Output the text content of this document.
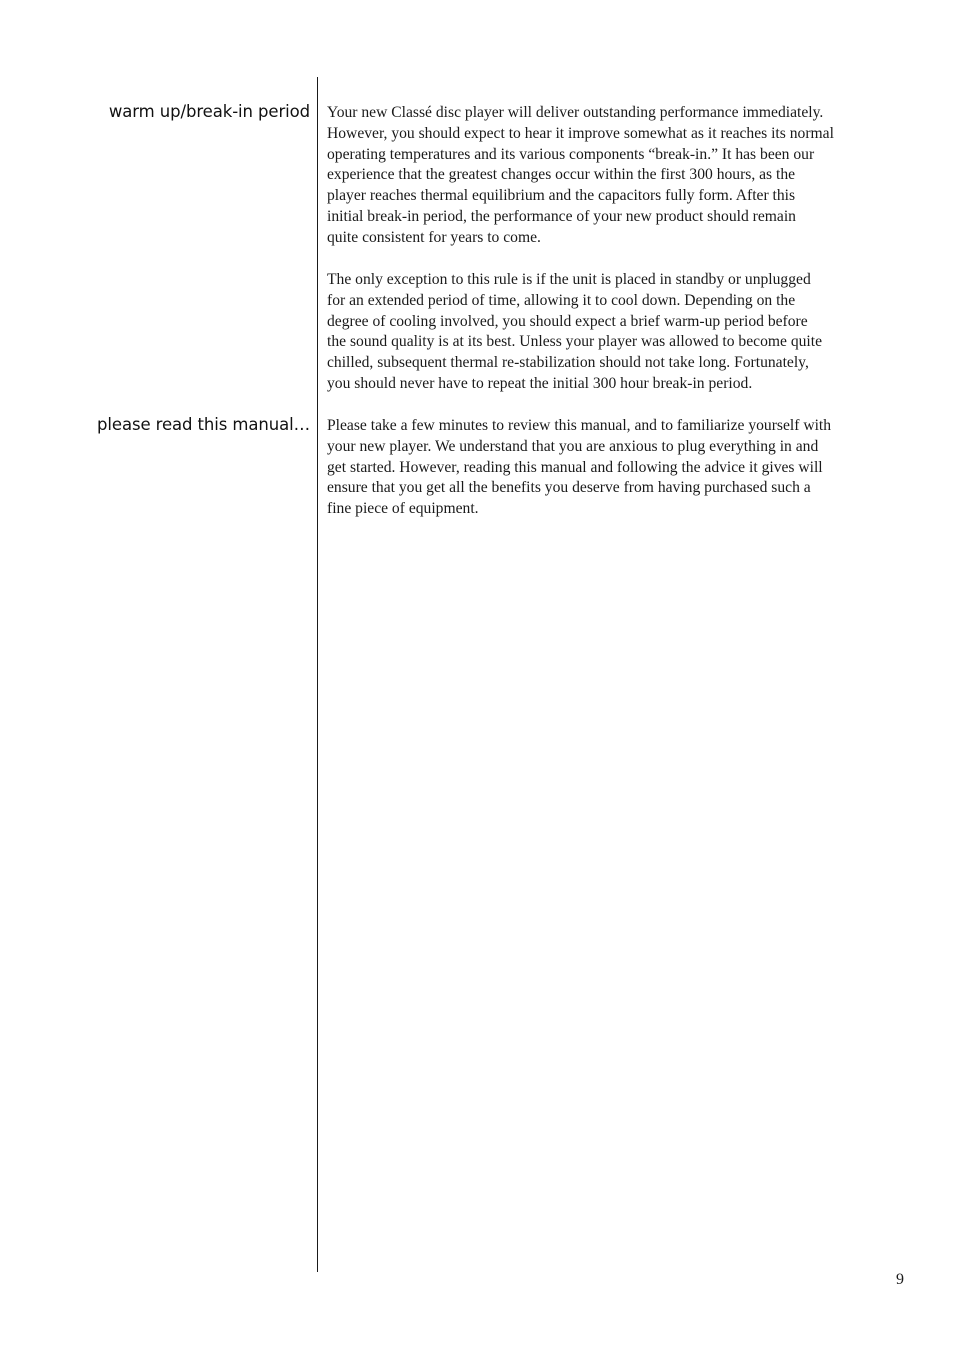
warm up/break-in period Your new Classé disc player will deliver outstanding performance immediately.
However, you should expect to hear it improve somewhat as it reaches its normal
operating temperatures and its various components “break-in.” It has been our
experience that the greatest changes occur within the first 300 hours, as the
player reaches thermal equilibrium and the capacitors fully form. After this
initial break-in period, the performance of your new product should remain
quite consistent for years to come.

The only exception to this rule is if the unit is placed in standby or unplugged
for an extended period of time, allowing it to cool down. Depending on the
degree of cooling involved, you should expect a brief warm-up period before
the sound quality is at its best. Unless your player was allowed to become quite
chilled, subsequent thermal re-stabilization should not take long. Fortunately,
you should never have to repeat the initial 300 hour break-in period.

please read this manual… Please take a few minutes to review this manual, and to familiarize yourself with
your new player. We understand that you are anxious to plug everything in and
get started. However, reading this manual and following the advice it gives will
ensure that you get all the benefits you deserve from having purchased such a
fine piece of equipment.

9
